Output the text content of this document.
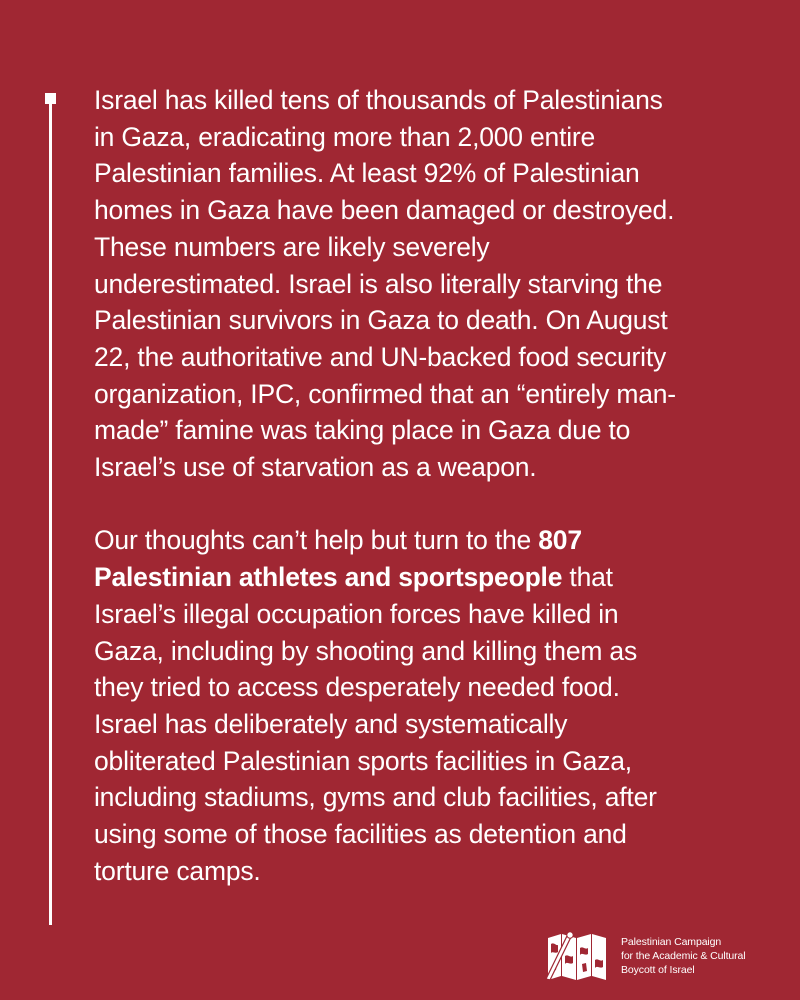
Israel has killed tens of thousands of Palestinians
in Gaza, eradicating more than 2,000 entire
Palestinian families. At least 92% of Palestinian
homes in Gaza have been damaged or destroyed.
These numbers are likely severely
underestimated. Israel is also literally starving the
Palestinian survivors in Gaza to death. On August
22, the authoritative and UN-backed food security
organization, IPC, confirmed that an “entirely man-
made” famine was taking place in Gaza due to
Israel’s use of starvation as a weapon.

Our thoughts can’t help but turn to the 807
Palestinian athletes and sportspeople that
Israel’s illegal occupation forces have killed in
Gaza, including by shooting and killing them as
they tried to access desperately needed food.
Israel has deliberately and systematically
obliterated Palestinian sports facilities in Gaza,
including stadiums, gyms and club facilities, after
using some of those facilities as detention and
torture camps.

Palestinian Campaign
for the Academic & Cultural
Boycott of Israel
